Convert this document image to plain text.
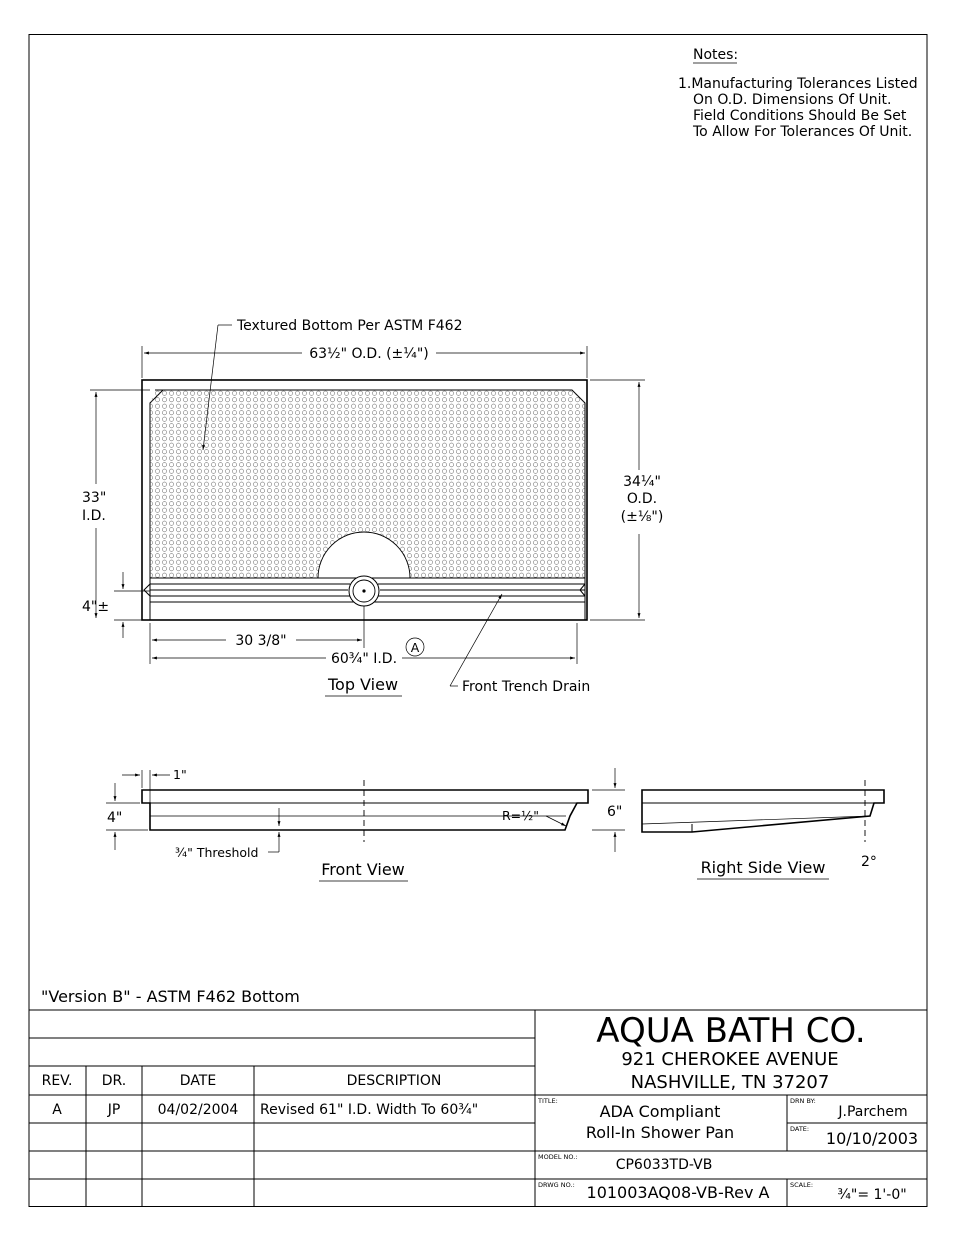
Notes:
1.Manufacturing Tolerances Listed
On O.D. Dimensions Of Unit.
Field Conditions Should Be Set
To Allow For Tolerances Of Unit.
Textured Bottom Per ASTM F462
63½" O.D. (±¼")
33"
I.D.
4"±
34¼"
O.D.
(±⅛")
30 3/8"
60¾" I.D.
A
Front Trench Drain
Top View
1"
4"
¾" Threshold
R=½"	6"
Front View	2°
Right Side View
"Version B" - ASTM F462 Bottom
REV. DR.	DATE	DESCRIPTION
A	JP	04/02/2004 Revised 61" I.D. Width To 60¾"
AQUA BATH CO.
921 CHEROKEE AVENUE
NASHVILLE, TN 37207
TITLE:
ADA Compliant
Roll-In Shower Pan
DRN BY:
J.Parchem
DATE: 10/10/2003
MODEL NO.:	CP6033TD-VB
DRWG NO.: 101003AQ08-VB-Rev A	SCALE:
¾"= 1'-0"
